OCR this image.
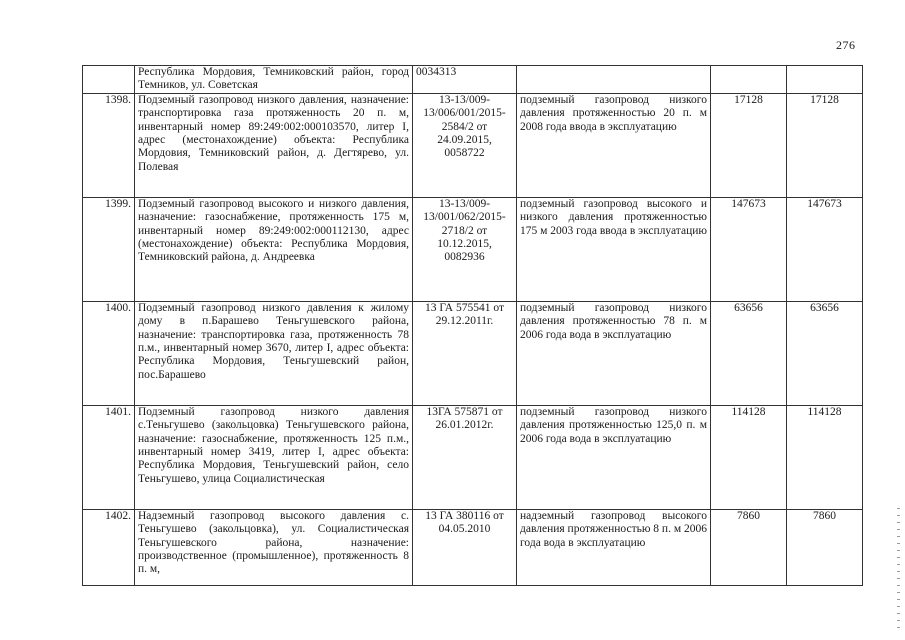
276
	Республика Мордовия, Темниковский район, город Темников, ул. Советская	0034313			
1398.	Подземный газопровод низкого давления, назначение: транспортировка газа протяженность 20 п. м, инвентарный номер 89:249:002:000103570, литер I, адрес (местонахождение) объекта: Республика Мордовия, Темниковский район, д. Дегтярево, ул. Полевая	13-13/009-13/006/001/2015-2584/2 от 24.09.2015, 0058722	подземный газопровод низкого давления протяженностью 20 п. м 2008 года ввода в эксплуатацию	17128	17128
1399.	Подземный газопровод высокого и низкого давления, назначение: газоснабжение, протяженность 175 м, инвентарный номер 89:249:002:000112130, адрес (местонахождение) объекта: Республика Мордовия, Темниковский района, д. Андреевка	13-13/009-13/001/062/2015-2718/2 от 10.12.2015, 0082936	подземный газопровод высокого и низкого давления протяженностью 175 м 2003 года ввода в эксплуатацию	147673	147673
1400.	Подземный газопровод низкого давления к жилому дому в п.Барашево Теньгушевского района, назначение: транспортировка газа, протяженность 78 п.м., инвентарный номер 3670, литер I, адрес объекта: Республика Мордовия, Теньгушевский район, пос.Барашево	13 ГА 575541 от 29.12.2011г.	подземный газопровод низкого давления протяженностью 78 п. м 2006 года вода в эксплуатацию	63656	63656
1401.	Подземный газопровод низкого давления с.Теньгушево (закольцовка) Теньгушевского района, назначение: газоснабжение, протяженность 125 п.м., инвентарный номер 3419, литер I, адрес объекта: Республика Мордовия, Теньгушевский район, село Теньгушево, улица Социалистическая	13ГА 575871 от 26.01.2012г.	подземный газопровод низкого давления протяженностью 125,0 п. м 2006 года вода в эксплуатацию	114128	114128
1402.	Надземный газопровод высокого давления с. Теньгушево (закольцовка), ул. Социалистическая Теньгушевского района, назначение: производственное (промышленное), протяженность 8 п. м,	13 ГА 380116 от 04.05.2010	надземный газопровод высокого давления протяженностью 8 п. м 2006 года вода в эксплуатацию	7860	7860
